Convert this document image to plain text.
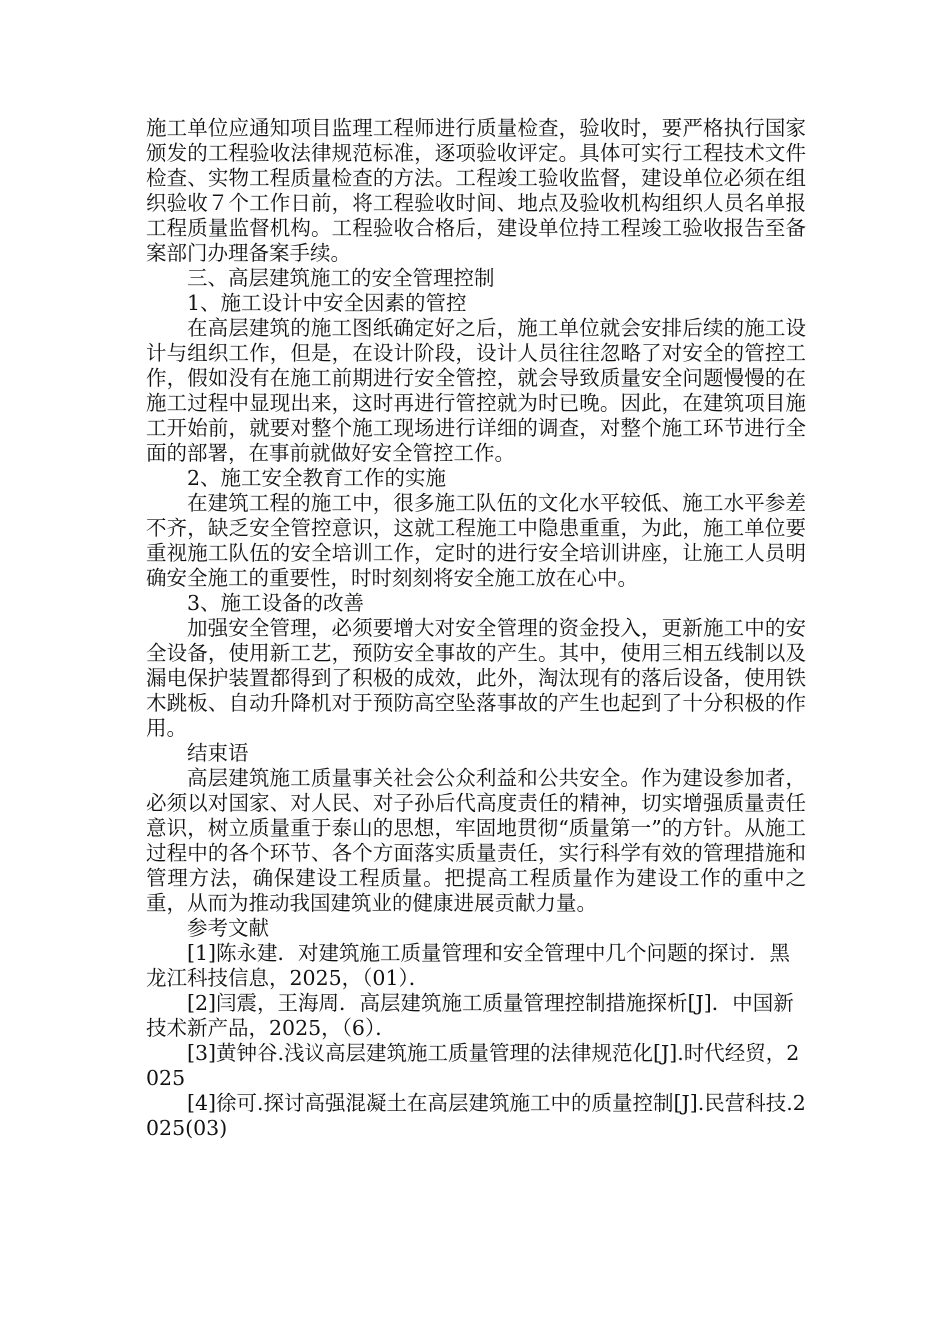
施工单位应通知项目监理工程师进行质量检查，验收时，要严格执行国家颁发的工程验收法律规范标准，逐项验收评定。具体可实行工程技术文件检查、实物工程质量检查的方法。工程竣工验收监督，建设单位必须在组织验收７个工作日前，将工程验收时间、地点及验收机构组织人员名单报工程质量监督机构。工程验收合格后，建设单位持工程竣工验收报告至备案部门办理备案手续。

三、高层建筑施工的安全管理控制

1、施工设计中安全因素的管控

在高层建筑的施工图纸确定好之后，施工单位就会安排后续的施工设计与组织工作，但是，在设计阶段，设计人员往往忽略了对安全的管控工作，假如没有在施工前期进行安全管控，就会导致质量安全问题慢慢的在施工过程中显现出来，这时再进行管控就为时已晚。因此，在建筑项目施工开始前，就要对整个施工现场进行详细的调查，对整个施工环节进行全面的部署，在事前就做好安全管控工作。

2、施工安全教育工作的实施

在建筑工程的施工中，很多施工队伍的文化水平较低、施工水平参差不齐，缺乏安全管控意识，这就工程施工中隐患重重，为此，施工单位要重视施工队伍的安全培训工作，定时的进行安全培训讲座，让施工人员明确安全施工的重要性，时时刻刻将安全施工放在心中。

3、施工设备的改善

加强安全管理，必须要增大对安全管理的资金投入，更新施工中的安全设备，使用新工艺，预防安全事故的产生。其中，使用三相五线制以及漏电保护装置都得到了积极的成效，此外，淘汰现有的落后设备，使用铁木跳板、自动升降机对于预防高空坠落事故的产生也起到了十分积极的作用。

结束语

高层建筑施工质量事关社会公众利益和公共安全。作为建设参加者，必须以对国家、对人民、对子孙后代高度责任的精神，切实增强质量责任意识，树立质量重于泰山的思想，牢固地贯彻“质量第一”的方针。从施工过程中的各个环节、各个方面落实质量责任，实行科学有效的管理措施和管理方法，确保建设工程质量。把提高工程质量作为建设工作的重中之重，从而为推动我国建筑业的健康进展贡献力量。

参考文献

[1]陈永建．对建筑施工质量管理和安全管理中几个问题的探讨．黑龙江科技信息，2025，（01）．

[2]闫震，王海周．高层建筑施工质量管理控制措施探析[J]．中国新技术新产品，2025，（6）．

[3]黄钟谷.浅议高层建筑施工质量管理的法律规范化[J].时代经贸，2025

[4]徐可.探讨高强混凝土在高层建筑施工中的质量控制[J].民营科技.2025(03)
